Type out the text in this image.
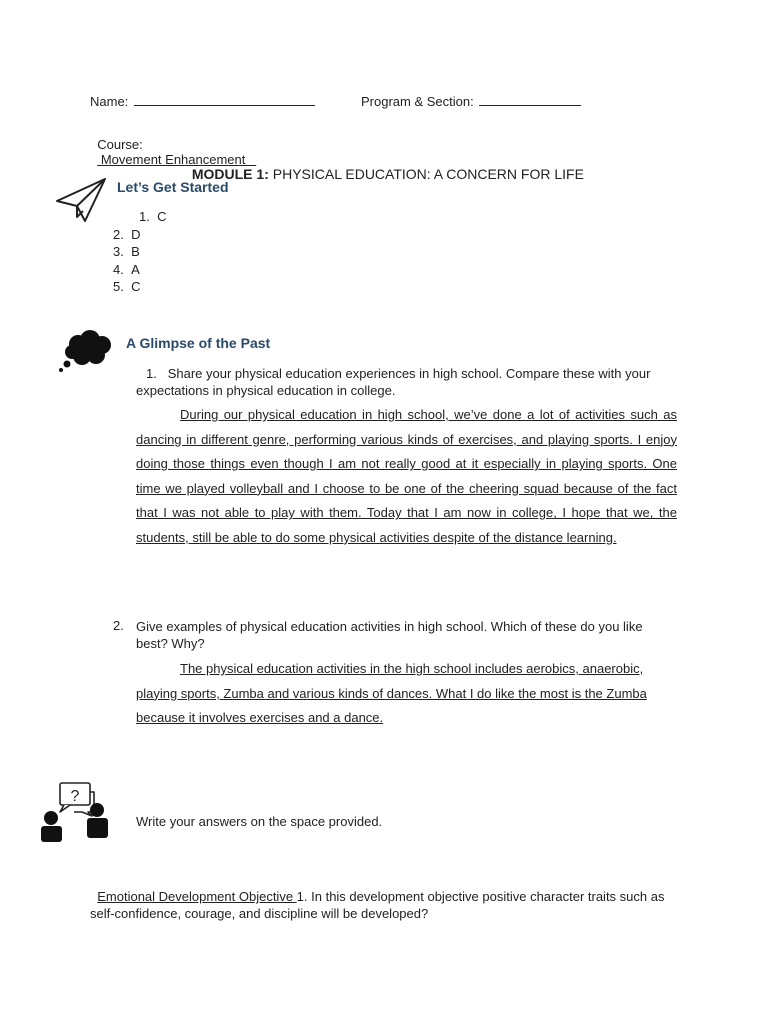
Name:	Program & Section:

Course:
Movement Enhancement

MODULE 1: PHYSICAL EDUCATION: A CONCERN FOR LIFE

Let’s Get Started
1. C
2. D
3. B
4. A
5. C
A Glimpse of the Past
1. Share your physical education experiences in high school. Compare these with your expectations in physical education in college.
During our physical education in high school, we’ve done a lot of activities such as dancing in different genre, performing various kinds of exercises, and playing sports. I enjoy doing those things even though I am not really good at it especially in playing sports. One time we played volleyball and I choose to be one of the cheering squad because of the fact that I was not able to play with them. Today that I am now in college, I hope that we, the students, still be able to do some physical activities despite of the distance learning.
2. Give examples of physical education activities in high school. Which of these do you like best? Why?
The physical education activities in the high school includes aerobics, anaerobic, playing sports, Zumba and various kinds of dances. What I do like the most is the Zumba because it involves exercises and a dance.
?
Write your answers on the space provided.

Emotional Development Objective 1. In this development objective positive character traits such as self-confidence, courage, and discipline will be developed?
